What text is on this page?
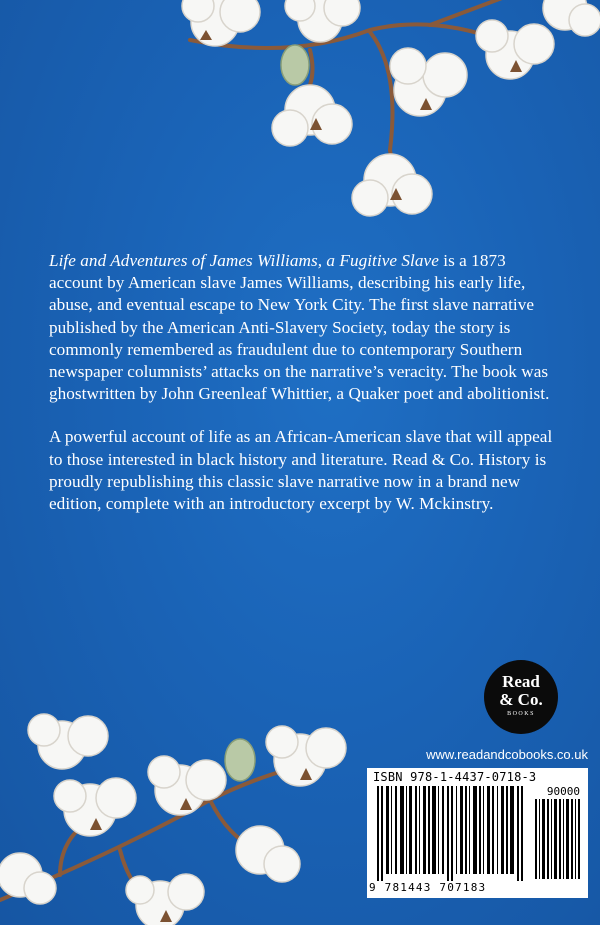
Life and Adventures of James Williams, a Fugitive Slave is a 1873 account by American slave James Williams, describing his early life, abuse, and eventual escape to New York City. The first slave narrative published by the American Anti-Slavery Society, today the story is commonly remembered as fraudulent due to contemporary Southern newspaper columnists’ attacks on the narrative’s veracity. The book was ghostwritten by John Greenleaf Whittier, a Quaker poet and abolitionist.

A powerful account of life as an African-American slave that will appeal to those interested in black history and literature. Read & Co. History is proudly republishing this classic slave narrative now in a brand new edition, complete with an introductory excerpt by W. Mckinstry.

Read
& Co.
BOOKS
www.readandcobooks.co.uk
ISBN 978-1-4437-0718-3
90000
9 781443 707183
